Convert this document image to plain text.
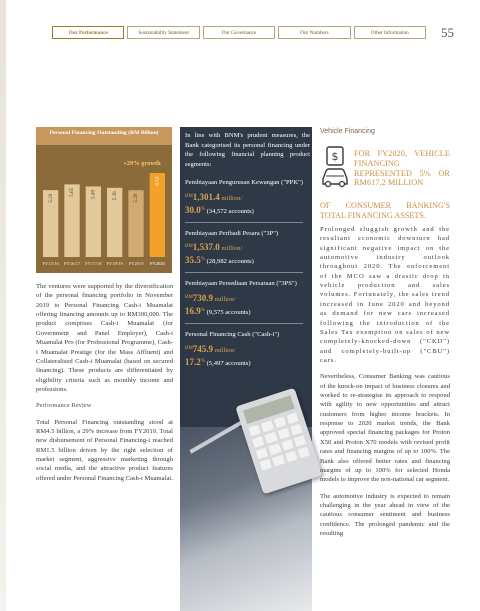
Our Performance	Sustainability Statement	Our Governance	Our Numbers	Other Information	55
Personal Financing Outstanding (RM Billion)
5.20
FY15/16
5.65
FY16/17
5.49
FY17/18
5.38
FY18/19
5.20
FY2019
6.53
FY2020
+29% growth

The ventures were supported by the diversification of the personal financing portfolio in November 2019 to Personal Financing Cash-i Muamalat offering financing amounts up to RM300,000. The product comprises Cash-i Muamalat (for Government and Panel Employer), Cash-i Muamalat Pro (for Professional Programme), Cash-i Muamalat Prestige (for the Mass Affluent) and Collateralised Cash-i Muamalat (based on secured financing). These products are differentiated by eligibility criteria such as monthly income and professions.

Performance Review

Total Personal Financing outstanding stood at RM4.5 billion, a 29% increase from FY2019. Total new disbursement of Personal Financing-i reached RM1.5 billion driven by the right selection of market segment, aggressive marketing through social media, and the attractive product features offered under Personal Financing Cash-i Muamalat.

In line with BNM's prudent measures, the Bank categorised its personal financing under the following financial planning product segments:

Pembiayaan Pengurusan Kewangan ("PPK")
$^{RM}$1,301.4 million/
30.0% (34,572 accounts)
Pembiayaan Peribadi Pesara ("3P")
$^{RM}$1,537.0 million/
35.5% (28,982 accounts)
Pembiayaan Persediaan Persaraan ("3PS")
$^{RM}$730.9 million/
16.9% (9,575 accounts)
Personal Financing Cash ("Cash-i")
$^{RM}$745.9 million/
17.2% (5,497 accounts)
Vehicle Financing
$ FOR FY2020, VEHICLE FINANCING REPRESENTED 5% OR RM617.2 MILLION
OF CONSUMER BANKING'S TOTAL FINANCING ASSETS.

Prolonged sluggish growth and the resultant economic downturn had significant negative impact on the automotive industry outlook throughout 2020. The enforcement of the MCO saw a drastic drop in vehicle production and sales volumes. Fortunately, the sales trend increased in June 2020 and beyond as demand for new cars increased following the introduction of the Sales Tax exemption on sales of new completely-knocked-down ("CKD") and completely-built-up ("CBU") cars.

Nevertheless, Consumer Banking was cautious of the knock-on impact of business closures and worked to re-strategise its approach to respond with agility to new opportunities and attract customers from higher income brackets. In response to 2020 market trends, the Bank approved special financing packages for Proton X50 and Proton X70 models with revised profit rates and financing margins of up to 100%. The Bank also offered better rates and financing margins of up to 100% for selected Honda models to improve the non-national car segment.

The automotive industry is expected to remain challenging in the year ahead in view of the cautious consumer sentiment and business confidence. The prolonged pandemic and the resulting
